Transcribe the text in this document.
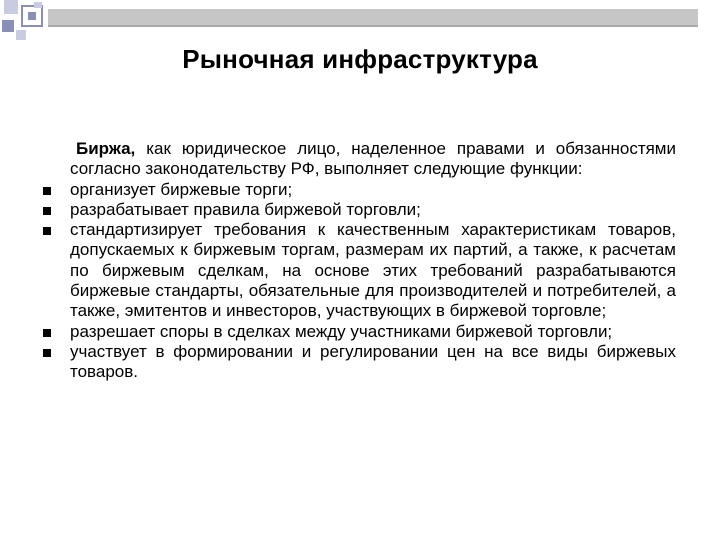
Рыночная инфраструктура
Биржа, как юридическое лицо, наделенное правами и обязанностями согласно законодательству РФ, выполняет следующие функции:
организует биржевые торги;
разрабатывает правила биржевой торговли;
стандартизирует требования к качественным характеристикам товаров, допускаемых к биржевым торгам, размерам их партий, а также, к расчетам по биржевым сделкам, на основе этих требований разрабатываются биржевые стандарты, обязательные для производителей и потребителей, а также, эмитентов и инвесторов, участвующих в биржевой торговле;
разрешает споры в сделках между участниками биржевой торговли;
участвует в формировании и регулировании цен на все виды биржевых товаров.
